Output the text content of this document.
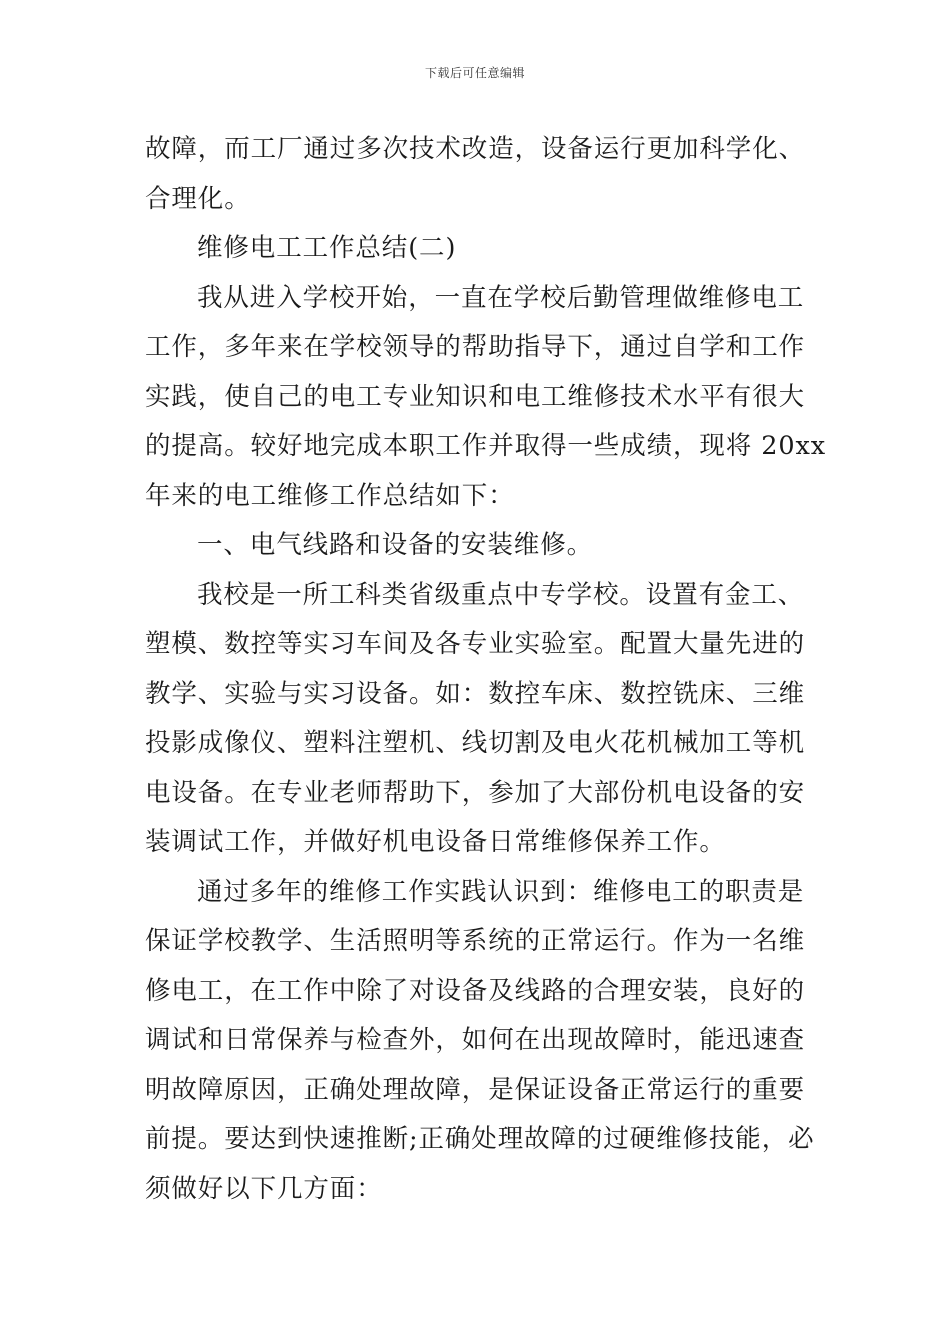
下载后可任意编辑
故障，而工厂通过多次技术改造，设备运行更加科学化、
合理化。
维修电工工作总结(二)
我从进入学校开始，一直在学校后勤管理做维修电工
工作，多年来在学校领导的帮助指导下，通过自学和工作
实践，使自己的电工专业知识和电工维修技术水平有很大
的提高。较好地完成本职工作并取得一些成绩，现将 20xx
年来的电工维修工作总结如下：
一、电气线路和设备的安装维修。
我校是一所工科类省级重点中专学校。设置有金工、
塑模、数控等实习车间及各专业实验室。配置大量先进的
教学、实验与实习设备。如：数控车床、数控铣床、三维
投影成像仪、塑料注塑机、线切割及电火花机械加工等机
电设备。在专业老师帮助下，参加了大部份机电设备的安
装调试工作，并做好机电设备日常维修保养工作。
通过多年的维修工作实践认识到：维修电工的职责是
保证学校教学、生活照明等系统的正常运行。作为一名维
修电工，在工作中除了对设备及线路的合理安装，良好的
调试和日常保养与检查外，如何在出现故障时，能迅速查
明故障原因，正确处理故障，是保证设备正常运行的重要
前提。要达到快速推断;正确处理故障的过硬维修技能，必
须做好以下几方面：
